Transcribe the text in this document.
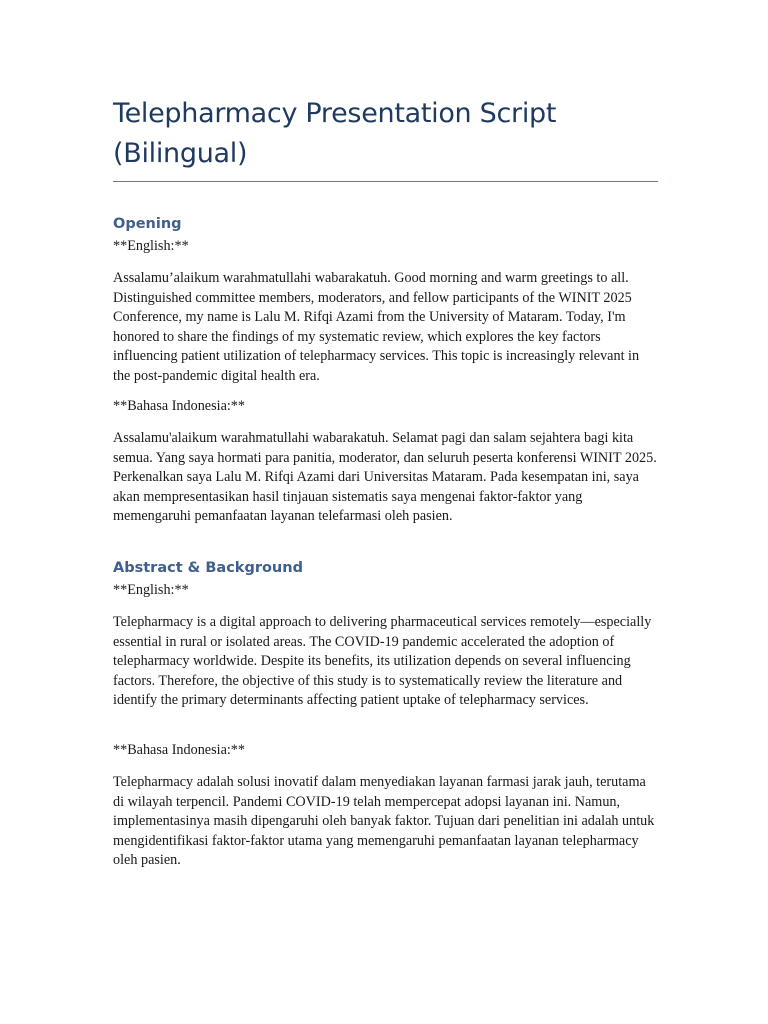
Telepharmacy Presentation Script
(Bilingual)
Opening

**English:**

Assalamu’alaikum warahmatullahi wabarakatuh. Good morning and warm greetings to all. Distinguished committee members, moderators, and fellow participants of the WINIT 2025 Conference, my name is Lalu M. Rifqi Azami from the University of Mataram. Today, I'm honored to share the findings of my systematic review, which explores the key factors influencing patient utilization of telepharmacy services. This topic is increasingly relevant in the post-pandemic digital health era.

**Bahasa Indonesia:**

Assalamu'alaikum warahmatullahi wabarakatuh. Selamat pagi dan salam sejahtera bagi kita semua. Yang saya hormati para panitia, moderator, dan seluruh peserta konferensi WINIT 2025. Perkenalkan saya Lalu M. Rifqi Azami dari Universitas Mataram. Pada kesempatan ini, saya akan mempresentasikan hasil tinjauan sistematis saya mengenai faktor-faktor yang memengaruhi pemanfaatan layanan telefarmasi oleh pasien.

Abstract & Background

**English:**

Telepharmacy is a digital approach to delivering pharmaceutical services remotely—especially essential in rural or isolated areas. The COVID-19 pandemic accelerated the adoption of telepharmacy worldwide. Despite its benefits, its utilization depends on several influencing factors. Therefore, the objective of this study is to systematically review the literature and identify the primary determinants affecting patient uptake of telepharmacy services.

**Bahasa Indonesia:**

Telepharmacy adalah solusi inovatif dalam menyediakan layanan farmasi jarak jauh, terutama di wilayah terpencil. Pandemi COVID-19 telah mempercepat adopsi layanan ini. Namun, implementasinya masih dipengaruhi oleh banyak faktor. Tujuan dari penelitian ini adalah untuk mengidentifikasi faktor-faktor utama yang memengaruhi pemanfaatan layanan telepharmacy oleh pasien.
